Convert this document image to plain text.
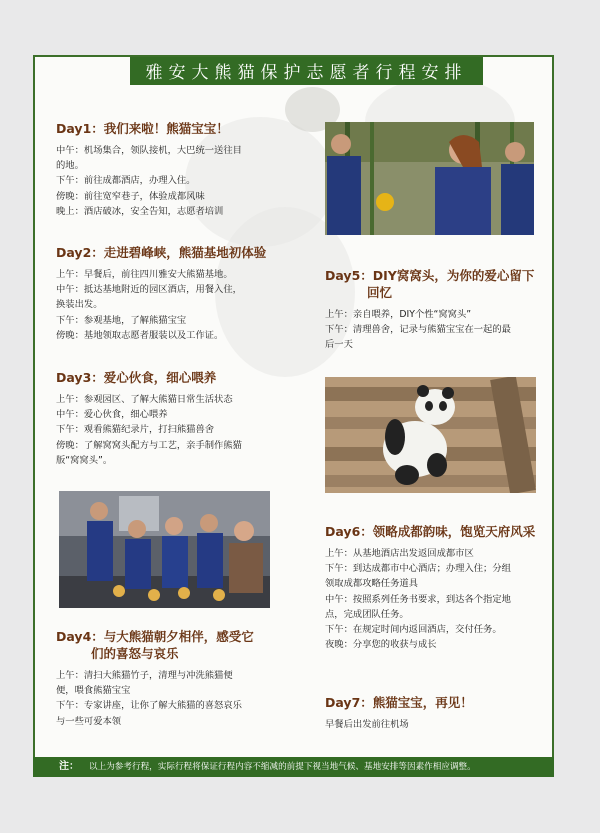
雅安大熊猫保护志愿者行程安排
Day1：我们来啦！熊猫宝宝！
中午：机场集合，领队接机，大巴统一送往目
的地。
下午：前往成都酒店，办理入住。
傍晚：前往宽窄巷子，体验成都风味
晚上：酒店破冰，安全告知，志愿者培训
Day2：走进碧峰峡，熊猫基地初体验
上午：早餐后，前往四川雅安大熊猫基地。
中午：抵达基地附近的园区酒店，用餐入住，
换装出发。
下午：参观基地，了解熊猫宝宝
傍晚：基地领取志愿者服装以及工作证。
Day3：爱心伙食，细心喂养
上午：参观园区、了解大熊猫日常生活状态
中午：爱心伙食，细心喂养
下午：观看熊猫纪录片，打扫熊猫兽舍
傍晚：了解窝窝头配方与工艺，亲手制作熊猫
版“窝窝头”。
Day4：与大熊猫朝夕相伴，感受它
们的喜怒与哀乐
上午：清扫大熊猫竹子，清理与冲洗熊猫便
便，喂食熊猫宝宝
下午：专家讲座，让你了解大熊猫的喜怒哀乐
与一些可爱本领
Day5：DIY窝窝头，为你的爱心留下
回忆
上午：亲自喂养，DIY个性“窝窝头”
下午：清理兽舍，记录与熊猫宝宝在一起的最
后一天
Day6：领略成都韵味，饱览天府风采
上午：从基地酒店出发返回成都市区
下午：到达成都市中心酒店；办理入住；分组
领取成都攻略任务道具
中午：按照系列任务书要求，到达各个指定地
点，完成团队任务。
下午：在规定时间内返回酒店，交付任务。
夜晚：分享您的收获与成长
Day7：熊猫宝宝，再见！
早餐后出发前往机场
注： 以上为参考行程，实际行程将保证行程内容不缩减的前提下视当地气候、基地安排等因素作相应调整。
